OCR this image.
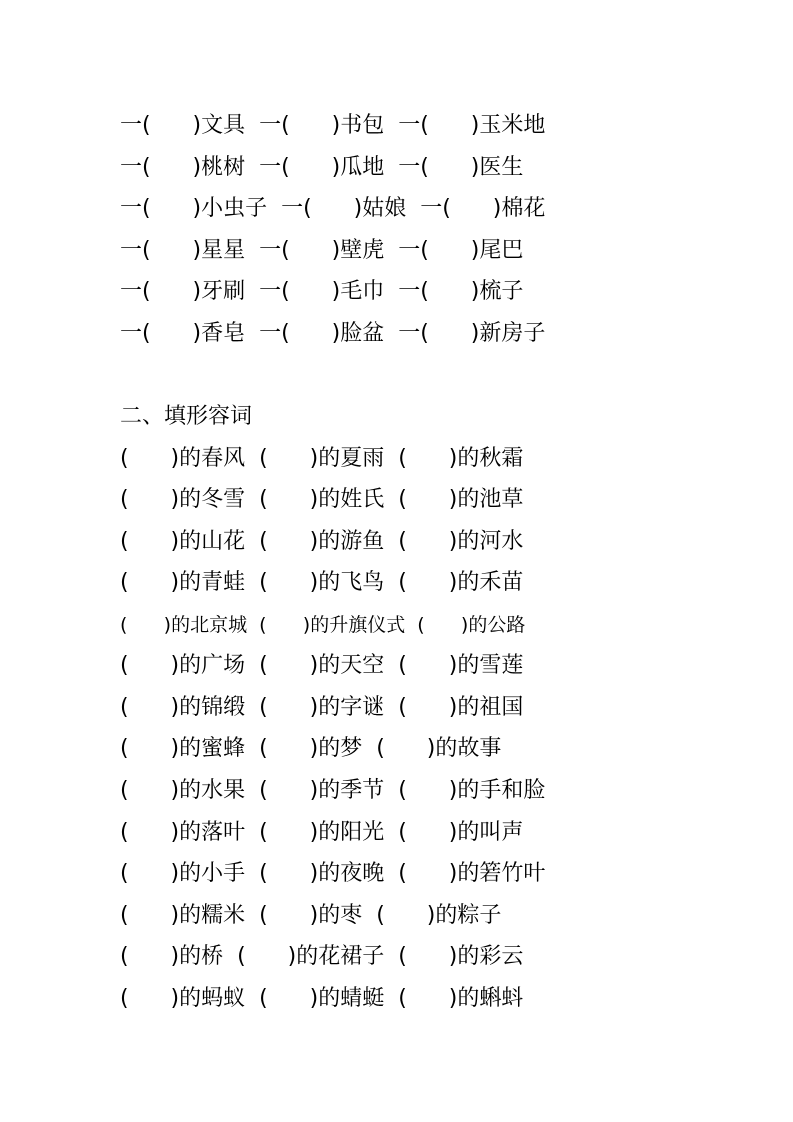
一(      )文具  一(      )书包  一(      )玉米地
一(      )桃树  一(      )瓜地  一(      )医生
一(      )小虫子  一(      )姑娘  一(      )棉花
一(      )星星  一(      )壁虎  一(      )尾巴
一(      )牙刷  一(      )毛巾  一(      )梳子
一(      )香皂  一(      )脸盆  一(      )新房子
二、填形容词
(      )的春风  (      )的夏雨  (      )的秋霜
(      )的冬雪  (      )的姓氏  (      )的池草
(      )的山花  (      )的游鱼  (      )的河水
(      )的青蛙  (      )的飞鸟  (      )的禾苗
(      )的北京城  (      )的升旗仪式  (      )的公路
(      )的广场  (      )的天空  (      )的雪莲
(      )的锦缎  (      )的字谜  (      )的祖国
(      )的蜜蜂  (      )的梦  (      )的故事
(      )的水果  (      )的季节  (      )的手和脸
(      )的落叶  (      )的阳光  (      )的叫声
(      )的小手  (      )的夜晚  (      )的箬竹叶
(      )的糯米  (      )的枣  (      )的粽子
(      )的桥  (      )的花裙子  (      )的彩云
(      )的蚂蚁  (      )的蜻蜓  (      )的蝌蚪
